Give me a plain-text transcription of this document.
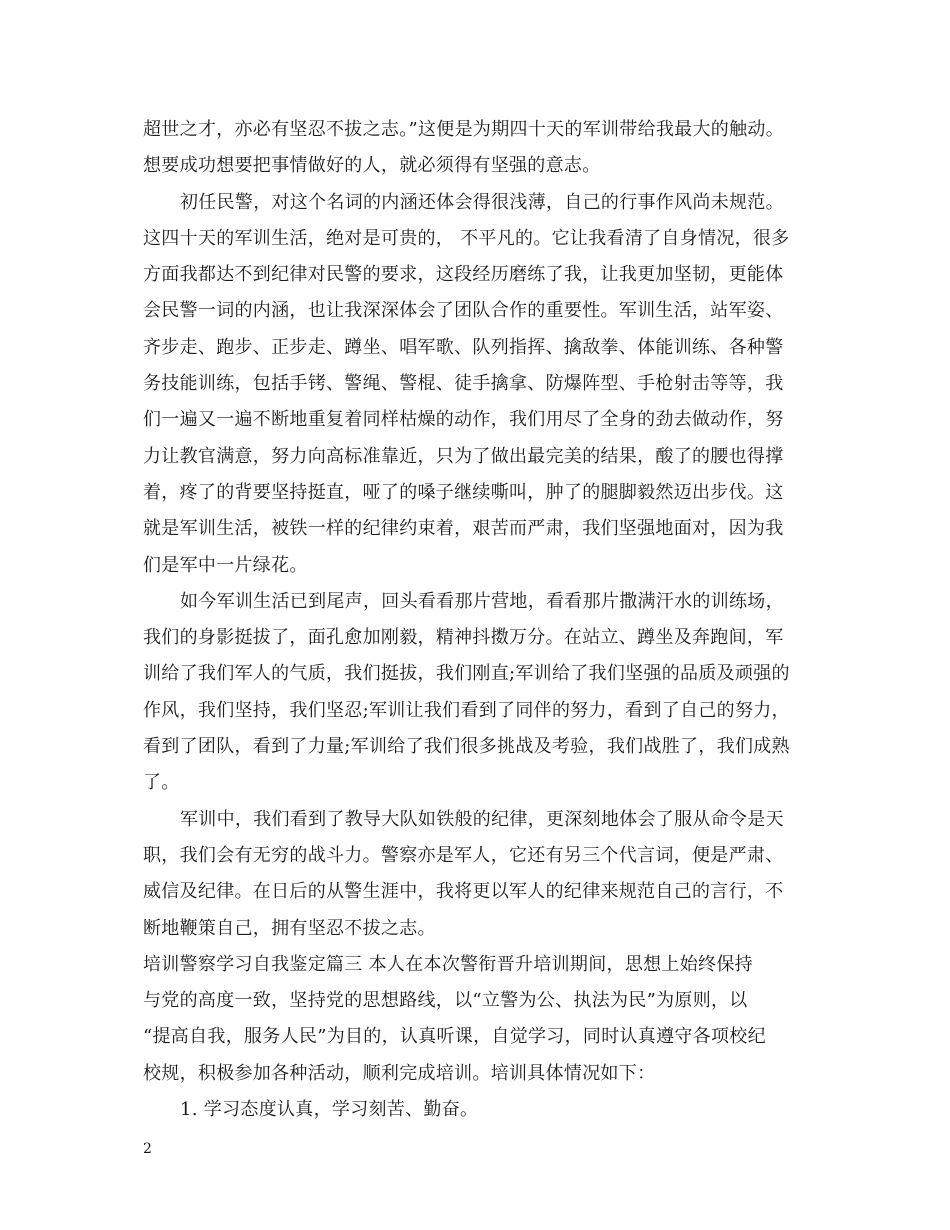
超世之才，亦必有坚忍不拔之志。”这便是为期四十天的军训带给我最大的触动。
想要成功想要把事情做好的人，就必须得有坚强的意志。
初任民警，对这个名词的内涵还体会得很浅薄，自己的行事作风尚未规范。
这四十天的军训生活，绝对是可贵的， 不平凡的。它让我看清了自身情况，很多
方面我都达不到纪律对民警的要求，这段经历磨练了我，让我更加坚韧，更能体
会民警一词的内涵，也让我深深体会了团队合作的重要性。军训生活，站军姿、
齐步走、跑步、正步走、蹲坐、唱军歌、队列指挥、擒敌拳、体能训练、各种警
务技能训练，包括手铐、警绳、警棍、徒手擒拿、防爆阵型、手枪射击等等，我
们一遍又一遍不断地重复着同样枯燥的动作，我们用尽了全身的劲去做动作，努
力让教官满意，努力向高标准靠近，只为了做出最完美的结果，酸了的腰也得撑
着，疼了的背要坚持挺直，哑了的嗓子继续嘶叫，肿了的腿脚毅然迈出步伐。这
就是军训生活，被铁一样的纪律约束着，艰苦而严肃，我们坚强地面对，因为我
们是军中一片绿花。
如今军训生活已到尾声，回头看看那片营地，看看那片撒满汗水的训练场，
我们的身影挺拔了，面孔愈加刚毅，精神抖擞万分。在站立、蹲坐及奔跑间，军
训给了我们军人的气质，我们挺拔，我们刚直;军训给了我们坚强的品质及顽强的
作风，我们坚持，我们坚忍;军训让我们看到了同伴的努力，看到了自己的努力，
看到了团队，看到了力量;军训给了我们很多挑战及考验，我们战胜了，我们成熟
了。
军训中，我们看到了教导大队如铁般的纪律，更深刻地体会了服从命令是天
职，我们会有无穷的战斗力。警察亦是军人，它还有另三个代言词，便是严肃、
威信及纪律。在日后的从警生涯中，我将更以军人的纪律来规范自己的言行，不
断地鞭策自己，拥有坚忍不拔之志。
培训警察学习自我鉴定篇三 本人在本次警衔晋升培训期间，思想上始终保持
与党的高度一致，坚持党的思想路线，以“立警为公、执法为民”为原则，以
“提高自我，服务人民”为目的，认真听课，自觉学习，同时认真遵守各项校纪
校规，积极参加各种活动，顺利完成培训。培训具体情况如下：
1. 学习态度认真，学习刻苦、勤奋。
2
